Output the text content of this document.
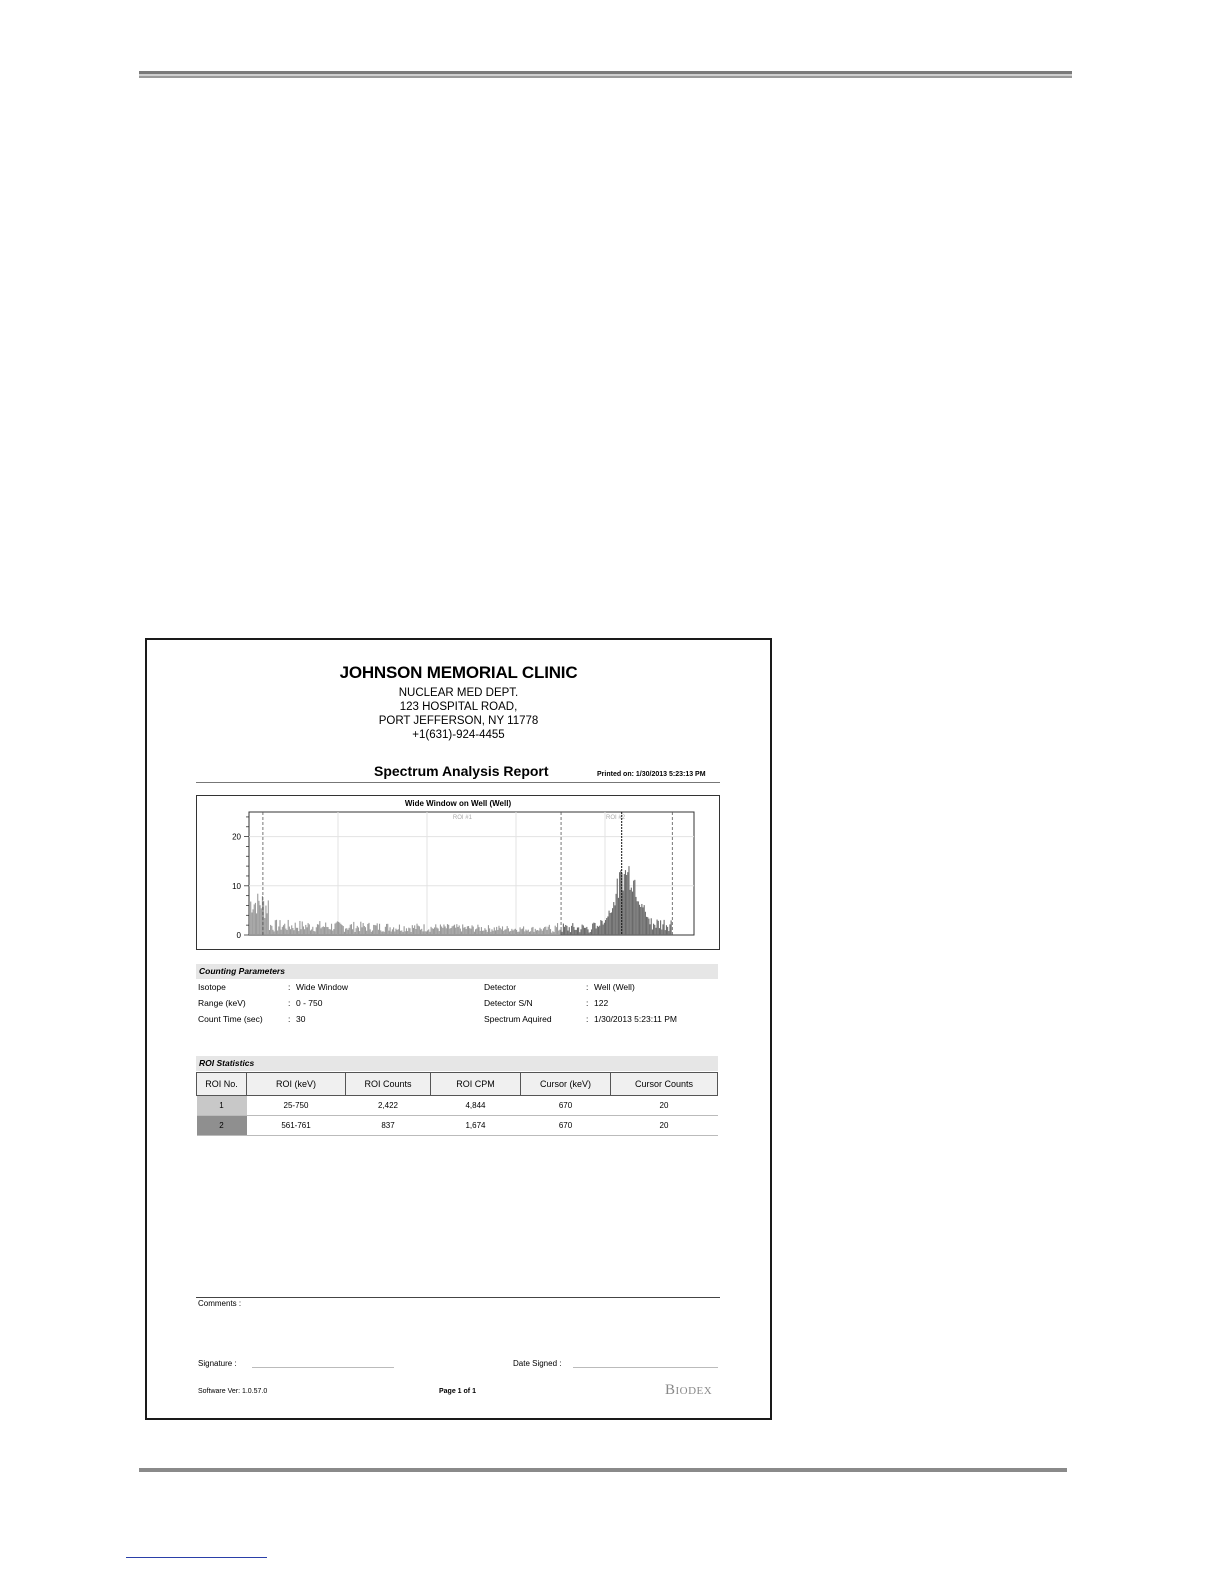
JOHNSON MEMORIAL CLINIC
NUCLEAR MED DEPT.
123 HOSPITAL ROAD,
PORT JEFFERSON, NY 11778
+1(631)-924-4455
Spectrum Analysis Report	Printed on: 1/30/2013 5:23:13 PM
Wide Window on Well (Well)
0
10
20
ROI #1	ROI #2
Counting Parameters
Isotope	: Wide Window
Range (keV)	: 0 - 750
Count Time (sec)	: 30
Detector	: Well (Well)
Detector S/N	: 122
Spectrum Aquired	: 1/30/2013 5:23:11 PM
ROI Statistics
ROI No.	ROI (keV)	ROI Counts	ROI CPM	Cursor (keV)	Cursor Counts
1	25-750	2,422	4,844	670	20
2	561-761	837	1,674	670	20
Comments :
Signature :	Date Signed :
Software Ver: 1.0.57.0	Page 1 of 1	Biodex
